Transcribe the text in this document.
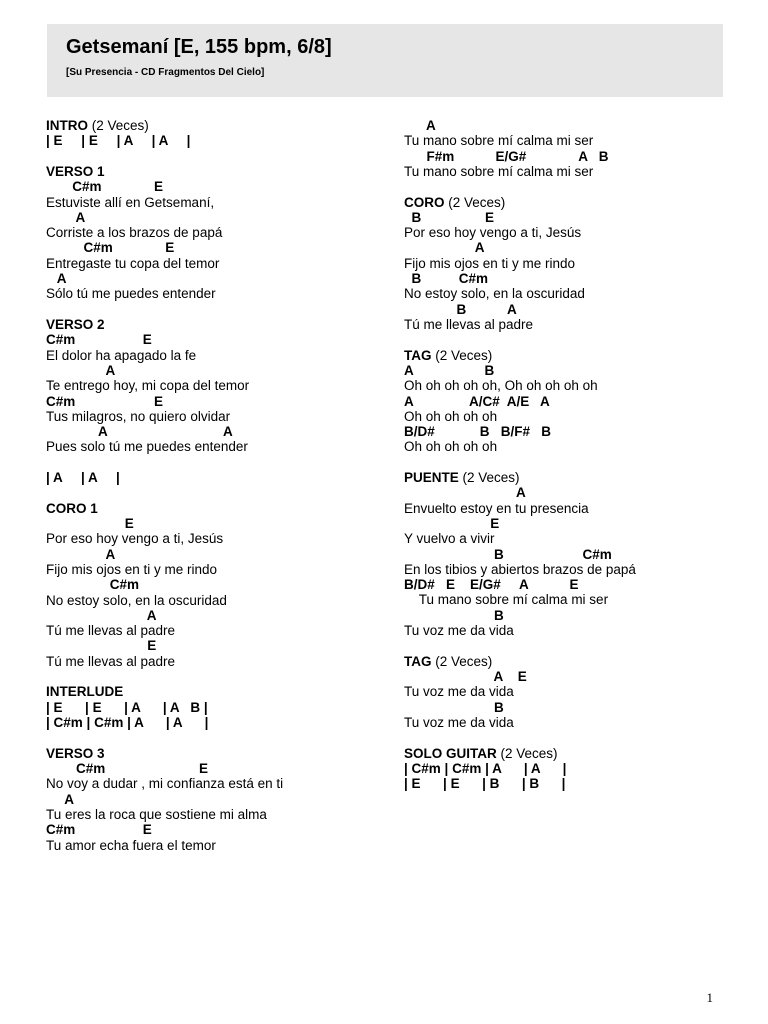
Getsemaní [E, 155 bpm, 6/8]
[Su Presencia - CD Fragmentos Del Cielo]
INTRO (2 Veces)
| E     | E     | A     | A     |
VERSO 1
C#m              E
Estuviste allí en Getsemaní,
A
Corriste a los brazos de papá
C#m              E
Entregaste tu copa del temor
A
Sólo tú me puedes entender
VERSO 2
C#m                  E
El dolor ha apagado la fe
A
Te entrego hoy, mi copa del temor
C#m                     E
Tus milagros, no quiero olvidar
A                               A
Pues solo tú me puedes entender
| A     | A     |
CORO 1
E
Por eso hoy vengo a ti, Jesús
A
Fijo mis ojos en ti y me rindo
C#m
No estoy solo, en la oscuridad
A
Tú me llevas al padre
E
Tú me llevas al padre
INTERLUDE
| E      | E      | A      | A   B |
| C#m | C#m | A      | A      |
VERSO 3
C#m                         E
No voy a dudar , mi confianza está en ti
A
Tu eres la roca que sostiene mi alma
C#m                  E
Tu amor echa fuera el temor
A
Tu mano sobre mí calma mi ser
F#m           E/G#              A   B
Tu mano sobre mí calma mi ser
CORO (2 Veces)
B                 E
Por eso hoy vengo a ti, Jesús
A
Fijo mis ojos en ti y me rindo
B          C#m
No estoy solo, en la oscuridad
B           A
Tú me llevas al padre
TAG (2 Veces)
A                   B
Oh oh oh oh oh, Oh oh oh oh oh
A               A/C#  A/E   A
Oh oh oh oh oh
B/D#            B   B/F#   B
Oh oh oh oh oh
PUENTE (2 Veces)
A
Envuelto estoy en tu presencia
E
Y vuelvo a vivir
B                     C#m
En los tibios y abiertos brazos de papá
B/D#   E    E/G#     A           E
Tu mano sobre mí calma mi ser
B
Tu voz me da vida
TAG (2 Veces)
A    E
Tu voz me da vida
B
Tu voz me da vida
SOLO GUITAR (2 Veces)
| C#m | C#m | A      | A      |
| E      | E      | B      | B      |
1
